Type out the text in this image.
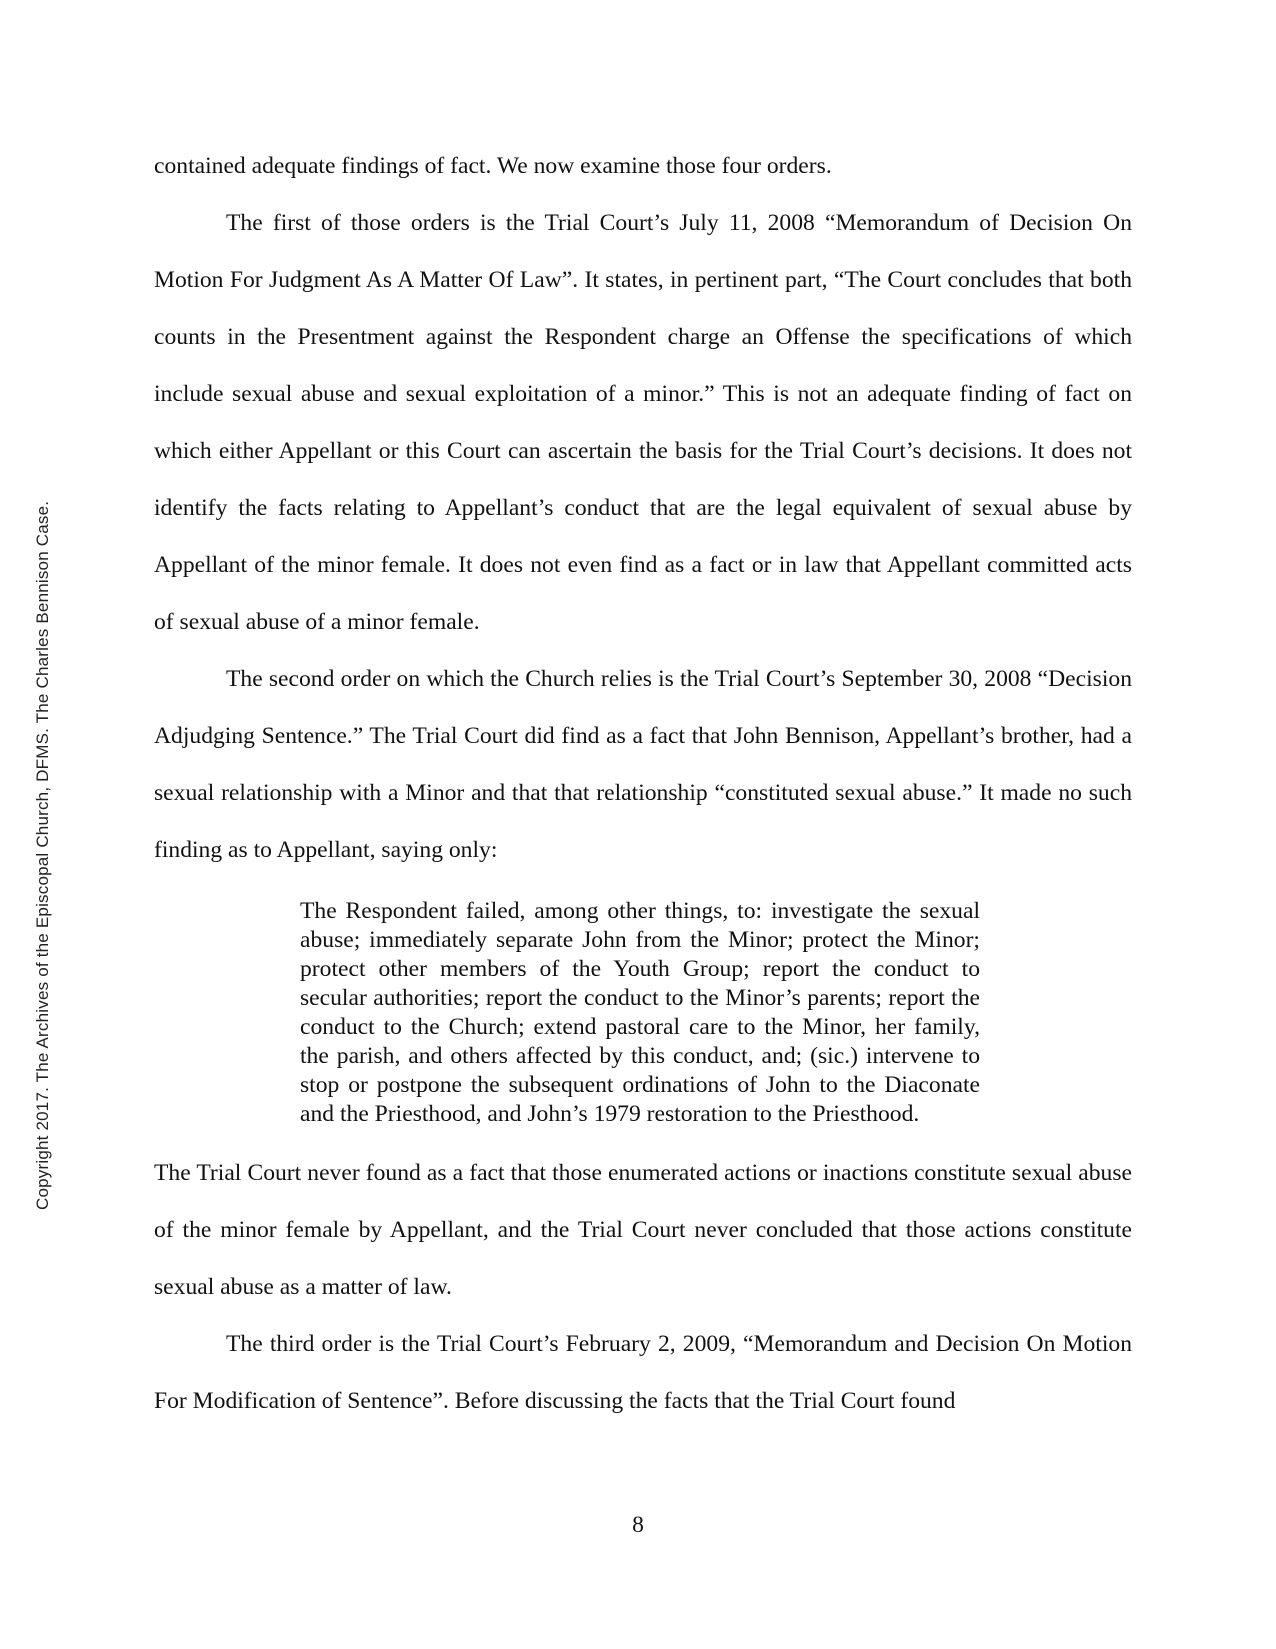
Copyright 2017. The Archives of the Episcopal Church, DFMS. The Charles Bennison Case.

contained adequate findings of fact. We now examine those four orders.

The first of those orders is the Trial Court’s July 11, 2008 “Memorandum of Decision On Motion For Judgment As A Matter Of Law”. It states, in pertinent part, “The Court concludes that both counts in the Presentment against the Respondent charge an Offense the specifications of which include sexual abuse and sexual exploitation of a minor.” This is not an adequate finding of fact on which either Appellant or this Court can ascertain the basis for the Trial Court’s decisions. It does not identify the facts relating to Appellant’s conduct that are the legal equivalent of sexual abuse by Appellant of the minor female. It does not even find as a fact or in law that Appellant committed acts of sexual abuse of a minor female.

The second order on which the Church relies is the Trial Court’s September 30, 2008 “Decision Adjudging Sentence.” The Trial Court did find as a fact that John Bennison, Appellant’s brother, had a sexual relationship with a Minor and that that relationship “constituted sexual abuse.” It made no such finding as to Appellant, saying only:

The Respondent failed, among other things, to: investigate the sexual abuse; immediately separate John from the Minor; protect the Minor; protect other members of the Youth Group; report the conduct to secular authorities; report the conduct to the Minor’s parents; report the conduct to the Church; extend pastoral care to the Minor, her family, the parish, and others affected by this conduct, and; (sic.) intervene to stop or postpone the subsequent ordinations of John to the Diaconate and the Priesthood, and John’s 1979 restoration to the Priesthood.

The Trial Court never found as a fact that those enumerated actions or inactions constitute sexual abuse of the minor female by Appellant, and the Trial Court never concluded that those actions constitute sexual abuse as a matter of law.

The third order is the Trial Court’s February 2, 2009, “Memorandum and Decision On Motion For Modification of Sentence”. Before discussing the facts that the Trial Court found

8
